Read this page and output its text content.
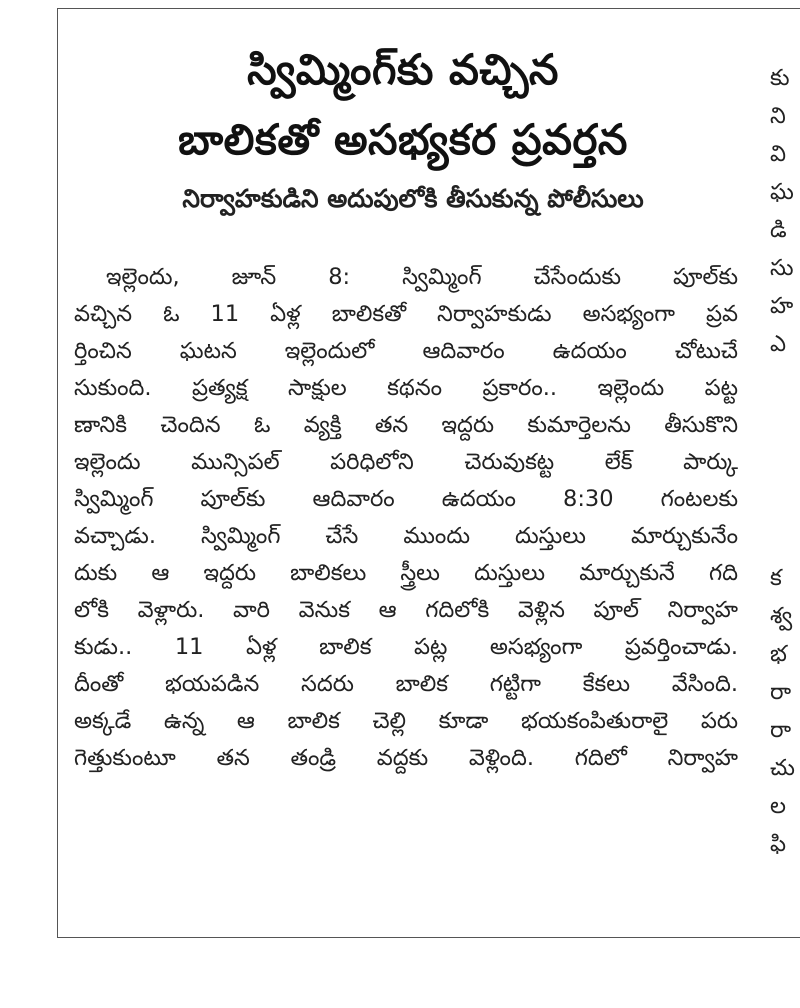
స్విమ్మింగ్‌కు వచ్చిన
బాలికతో అసభ్యకర ప్రవర్తన
నిర్వాహకుడిని అదుపులోకి తీసుకున్న పోలీసులు
ఇల్లెందు, జూన్ 8: స్విమ్మింగ్ చేసేందుకు పూల్‌కు
వచ్చిన ఓ 11 ఏళ్ల బాలికతో నిర్వాహకుడు అసభ్యంగా ప్రవ
ర్తించిన ఘటన ఇల్లెందులో ఆదివారం ఉదయం చోటుచే
సుకుంది. ప్రత్యక్ష సాక్షుల కథనం ప్రకారం.. ఇల్లెందు పట్ట
ణానికి చెందిన ఓ వ్యక్తి తన ఇద్దరు కుమార్తెలను తీసుకొని
ఇల్లెందు మున్సిపల్ పరిధిలోని చెరువుకట్ట లేక్ పార్కు
స్విమ్మింగ్ పూల్‌కు ఆదివారం ఉదయం 8:30 గంటలకు
వచ్చాడు. స్విమ్మింగ్ చేసే ముందు దుస్తులు మార్చుకునేం
దుకు ఆ ఇద్దరు బాలికలు స్త్రీలు దుస్తులు మార్చుకునే గది
లోకి వెళ్లారు. వారి వెనుక ఆ గదిలోకి వెళ్లిన పూల్ నిర్వాహ
కుడు.. 11 ఏళ్ల బాలిక పట్ల అసభ్యంగా ప్రవర్తించాడు.
దీంతో భయపడిన సదరు బాలిక గట్టిగా కేకలు వేసింది.
అక్కడే ఉన్న ఆ బాలిక చెల్లి కూడా భయకంపితురాలై పరు
గెత్తుకుంటూ తన తండ్రి వద్దకు వెళ్లింది. గదిలో నిర్వాహ
కు
ని
వి
ఘ
డి
సు
హ
ఎ
క
శ్వ
భ
రా
రా
చు
ల
ఫి
